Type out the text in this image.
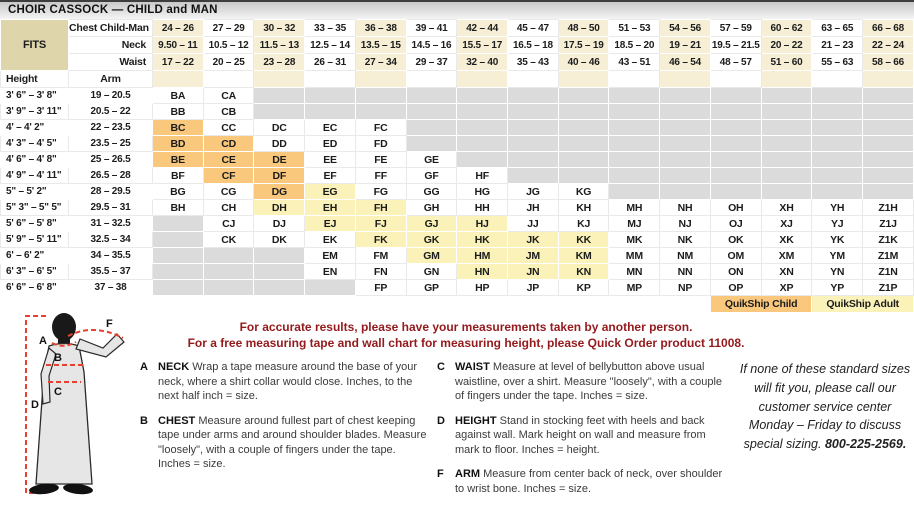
CHOIR CASSOCK — CHILD and MAN
FITS	Chest Child-Man	24 – 26	27 – 29	30 – 32	33 – 35	36 – 38	39 – 41	42 – 44	45 – 47	48 – 50	51 – 53	54 – 56	57 – 59	60 – 62	63 – 65	66 – 68
	Neck	9.50 – 11	10.5 – 12	11.5 – 13	12.5 – 14	13.5 – 15	14.5 – 16	15.5 – 17	16.5 – 18	17.5 – 19	18.5 – 20	19 – 21	19.5 – 21.5	20 – 22	21 – 23	22 – 24
	Waist	17 – 22	20 – 25	23 – 28	26 – 31	27 – 34	29 – 37	32 – 40	35 – 43	40 – 46	43 – 51	46 – 54	48 – 57	51 – 60	55 – 63	58 – 66
Height	Arm															
3' 6" – 3' 8"	19 – 20.5	BA	CA													
3' 9" – 3' 11"	20.5 – 22	BB	CB													
4' – 4' 2"	22 – 23.5	BC	CC	DC	EC	FC										
4' 3" – 4' 5"	23.5 – 25	BD	CD	DD	ED	FD										
4' 6" – 4' 8"	25 – 26.5	BE	CE	DE	EE	FE	GE									
4' 9" – 4' 11"	26.5 – 28	BF	CF	DF	EF	FF	GF	HF								
5" – 5' 2"	28 – 29.5	BG	CG	DG	EG	FG	GG	HG	JG	KG						
5" 3" – 5" 5"	29.5 – 31	BH	CH	DH	EH	FH	GH	HH	JH	KH	MH	NH	OH	XH	YH	Z1H
5' 6" – 5' 8"	31 – 32.5		CJ	DJ	EJ	FJ	GJ	HJ	JJ	KJ	MJ	NJ	OJ	XJ	YJ	Z1J
5' 9" – 5' 11"	32.5 – 34		CK	DK	EK	FK	GK	HK	JK	KK	MK	NK	OK	XK	YK	Z1K
6' – 6' 2"	34 – 35.5				EM	FM	GM	HM	JM	KM	MM	NM	OM	XM	YM	Z1M
6' 3" – 6' 5"	35.5 – 37				EN	FN	GN	HN	JN	KN	MN	NN	ON	XN	YN	Z1N
6' 6" – 6' 8"	37 – 38					FP	GP	HP	JP	KP	MP	NP	OP	XP	YP	Z1P
													QuikShip Child		QuikShip Adult	
A
B
C
D
F	For accurate results, please have your measurements taken by another person.
For a free measuring tape and wall chart for measuring height, please Quick Order product 11008.
A NECK Wrap a tape measure around the base of your neck, where a shirt collar would close. Inches, to the next half inch = size.
B CHEST Measure around fullest part of chest keeping tape under arms and around shoulder blades. Measure "loosely", with a couple of fingers under the tape. Inches = size.
C WAIST Measure at level of bellybutton above usual waistline, over a shirt. Measure "loosely", with a couple of fingers under the tape. Inches = size.
D HEIGHT Stand in stocking feet with heels and back against wall. Mark height on wall and measure from mark to floor. Inches = height.
F	ARM Measure from center back of neck, over shoulder to wrist bone. Inches = size.
If none of these standard sizes will fit you, please call our customer service center Monday – Friday to discuss special sizing. 800-225-2569.
